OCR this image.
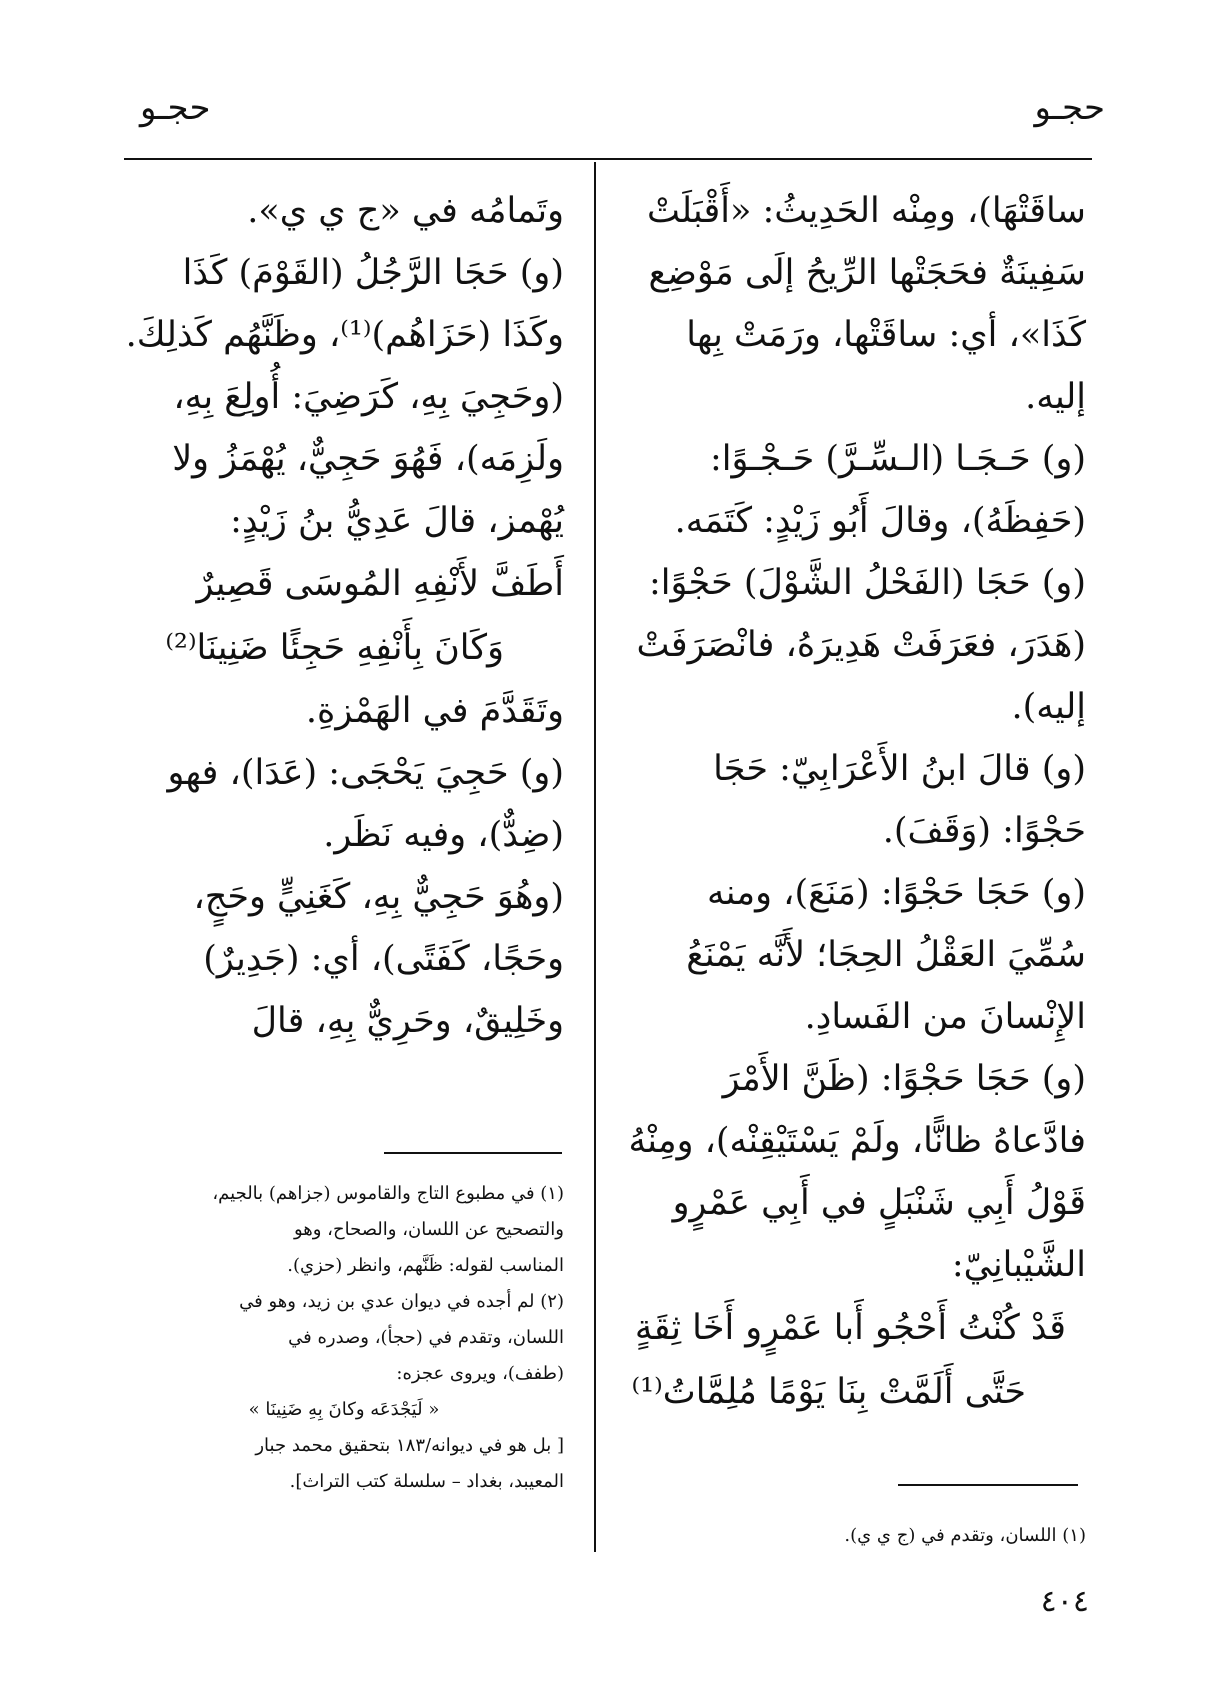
حجـو
حجـو
ساقَتْهَا)، ومِنْه الحَدِيثُ: «أَقْبَلَتْ
سَفِينَةٌ فحَجَتْها الرِّيحُ إلَى مَوْضِع
كَذَا»، أي: ساقَتْها، ورَمَتْ بِها
إليه.
(و) حَـجَـا (الـسِّـرَّ) حَـجْـوًا:
(حَفِظَهُ)، وقالَ أَبُو زَيْدٍ: كَتَمَه.
(و) حَجَا (الفَحْلُ الشَّوْلَ) حَجْوًا:
(هَدَرَ، فعَرَفَتْ هَدِيرَهُ، فانْصَرَفَتْ
إليه).
(و) قالَ ابنُ الأَعْرَابِيّ: حَجَا
حَجْوًا: (وَقَفَ).
(و) حَجَا حَجْوًا: (مَنَعَ)، ومنه
سُمِّيَ العَقْلُ الحِجَا؛ لأَنَّه يَمْنَعُ
الإِنْسانَ من الفَسادِ.
(و) حَجَا حَجْوًا: (ظَنَّ الأَمْرَ
فادَّعاهُ ظانًّا، ولَمْ يَسْتَيْقِنْه)، ومِنْهُ
قَوْلُ أَبِي شَنْبَلٍ في أَبِي عَمْرٍو
الشَّيْبانِيّ:
قَدْ كُنْتُ أَحْجُو أَبا عَمْرٍو أَخَا ثِقَةٍ
حَتَّى أَلَمَّتْ بِنَا يَوْمًا مُلِمَّاتُ⁽¹⁾
وتَمامُه في «ج ي ي».
(و) حَجَا الرَّجُلُ (القَوْمَ) كَذَا
وكَذَا (حَزَاهُم)⁽¹⁾، وظَنَّهُم كَذلِكَ.
(وحَجِيَ بِهِ، كَرَضِيَ: أُولِعَ بِهِ،
ولَزِمَه)، فَهُوَ حَجِيٌّ، يُهْمَزُ ولا
يُهْمز، قالَ عَدِيُّ بنُ زَيْدٍ:
أَطَفَّ لأَنْفِهِ المُوسَى قَصِيرٌ
وَكَانَ بِأَنْفِهِ حَجِئًا ضَنِينَا⁽²⁾
وتَقَدَّمَ في الهَمْزةِ.
(و) حَجِيَ يَحْجَى: (عَدَا)، فهو
(ضِدٌّ)، وفيه نَظَر.
(وهُوَ حَجِيٌّ بِهِ، كَغَنِيٍّ وحَجٍ،
وحَجًا، كَفَتًى)، أي: (جَدِيرٌ)
وخَلِيقٌ، وحَرِيٌّ بِهِ، قالَ
(١) في مطبوع التاج والقاموس (جزاهم) بالجيم،
والتصحيح عن اللسان، والصحاح، وهو
المناسب لقوله: ظَنَّهم، وانظر (حزي).
(٢) لم أجده في ديوان عدي بن زيد، وهو في
اللسان، وتقدم في (حجأ)، وصدره في
(طفف)، ويروى عجزه:
« لَيَجْدَعَه وكانَ بِهِ ضَنِينَا »
[ بل هو في ديوانه/١٨٣ بتحقيق محمد جبار
المعيبد، بغداد – سلسلة كتب التراث].
(١) اللسان، وتقدم في (ج ي ي).
٤٠٤
